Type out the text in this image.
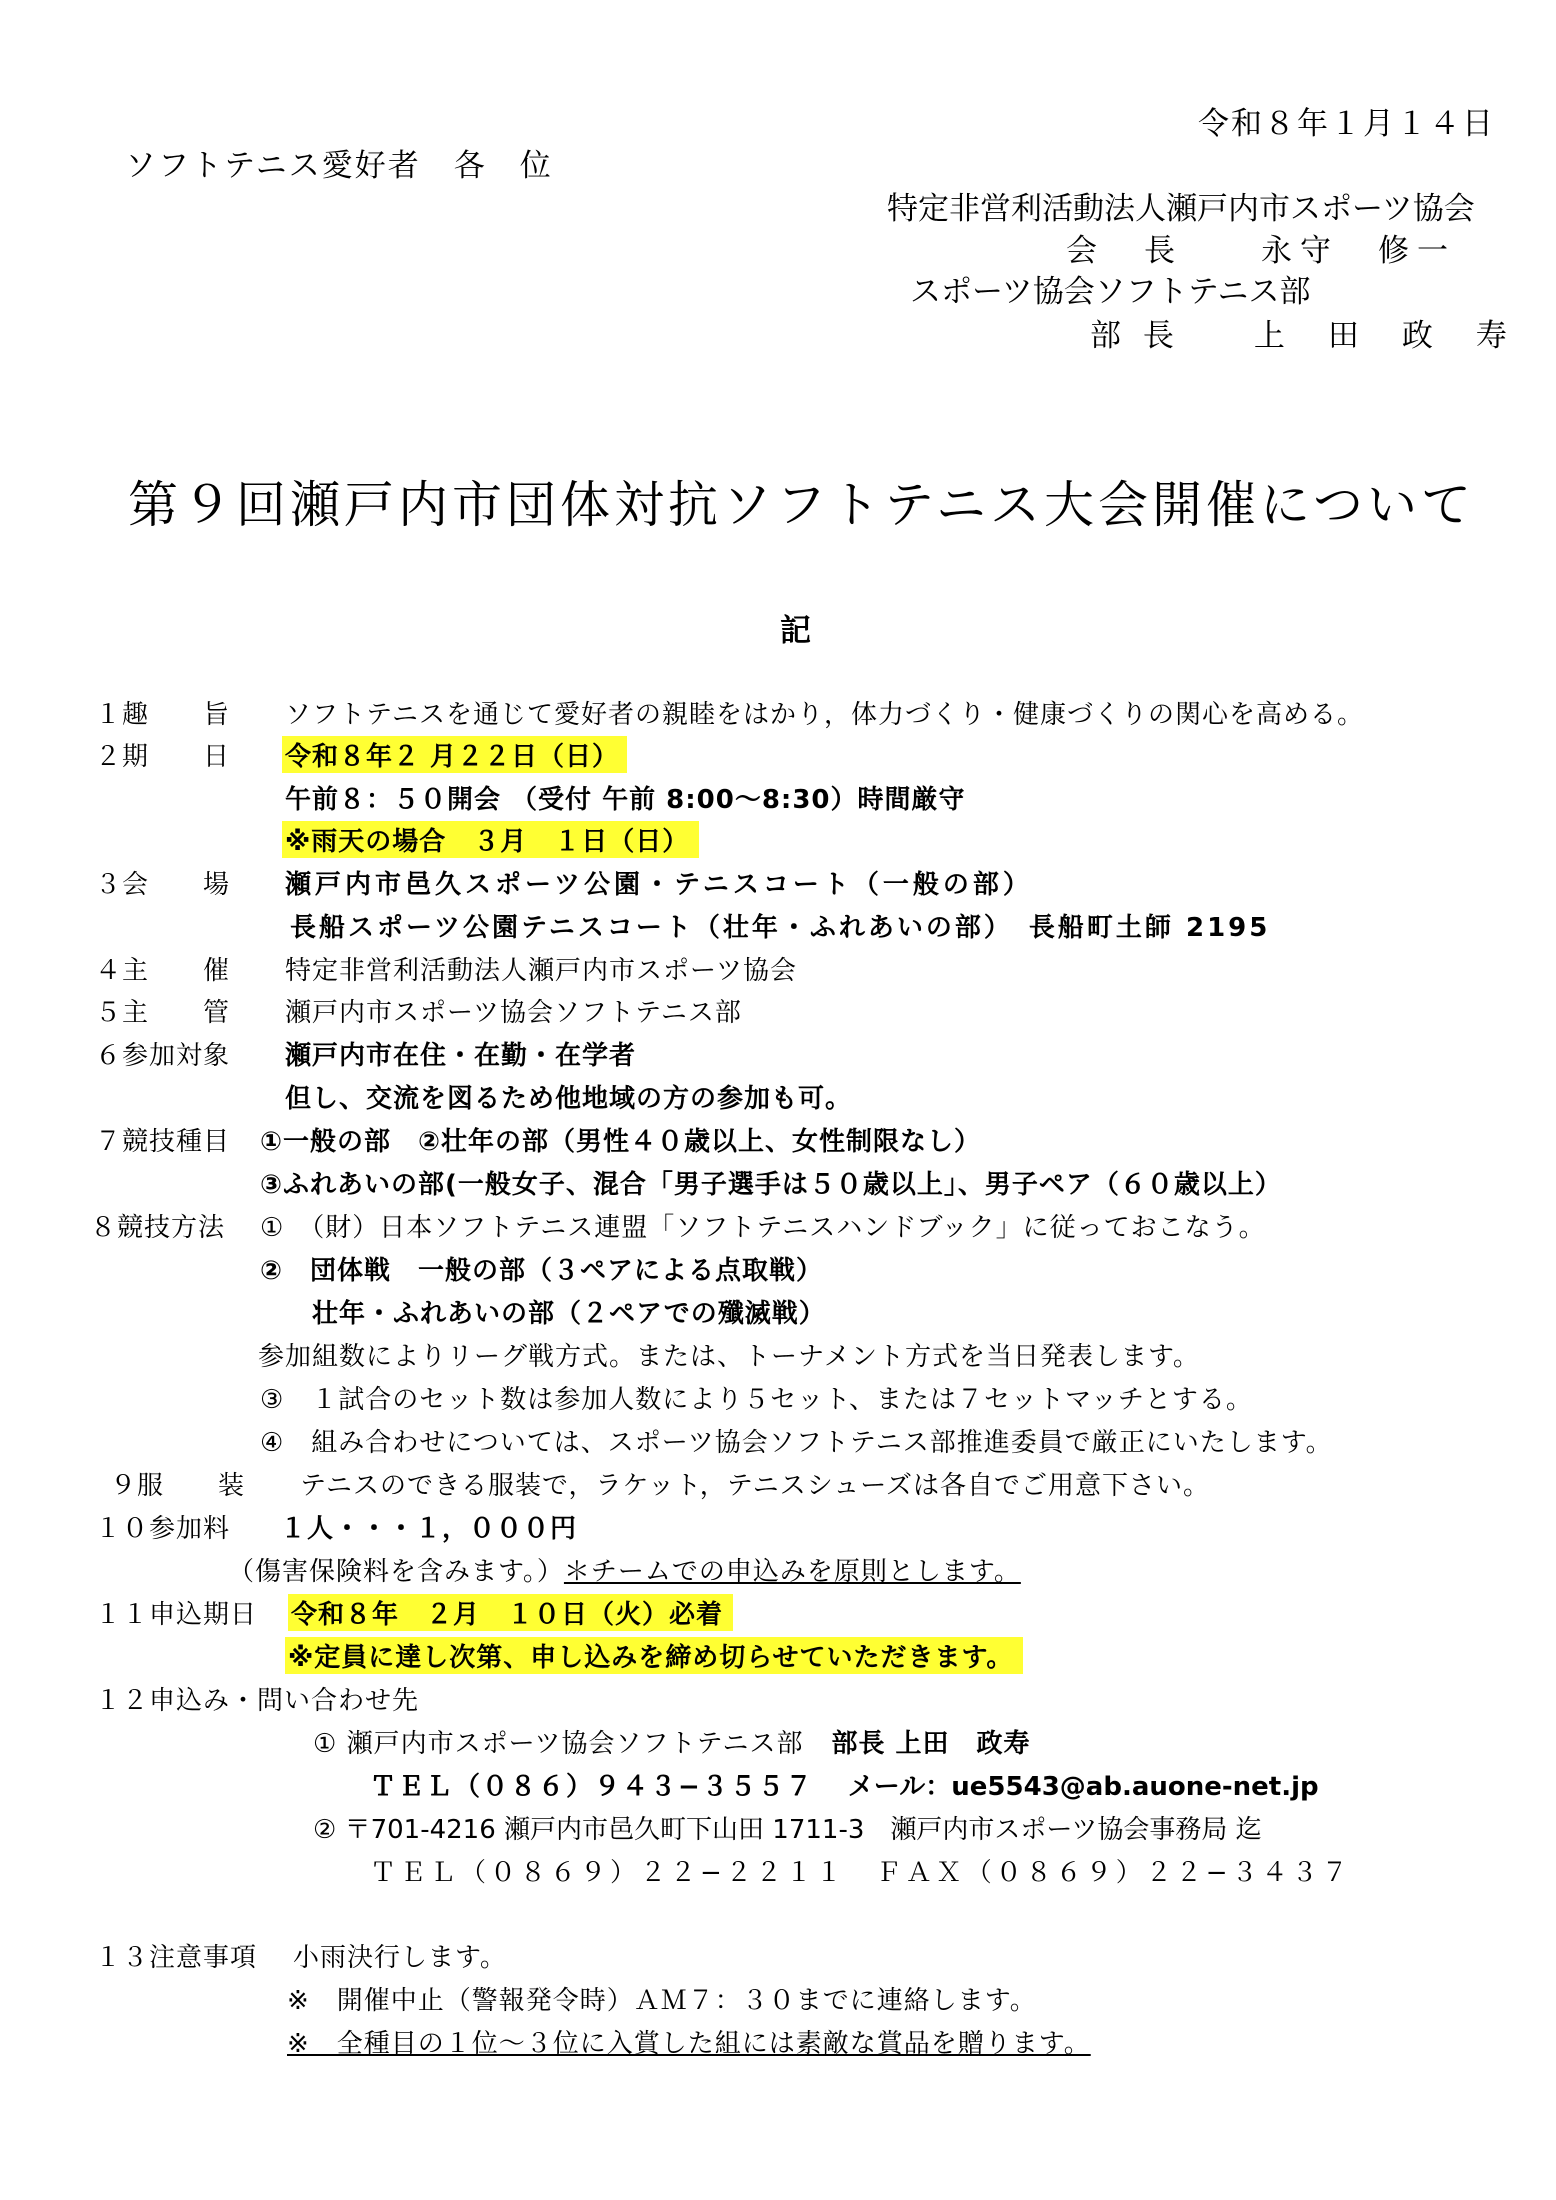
令和８年１月１４日
ソフトテニス愛好者　各　位
特定非営利活動法人瀬戸内市スポーツ協会
会　長　　永守　修一
スポーツ協会ソフトテニス部
部 長　　上　田　政　寿
第９回瀬戸内市団体対抗ソフトテニス大会開催について
記
１趣　　旨 ソフトテニスを通じて愛好者の親睦をはかり，体力づくり・健康づくりの関心を高める。
２期　　日 令和８年２ 月２２日（日）
午前８：５０開会 （受付 午前 8:00～8:30）時間厳守
※雨天の場合　３月　１日（日）
３会　　場 瀬戸内市邑久スポーツ公園・テニスコート（一般の部）
長船スポーツ公園テニスコート（壮年・ふれあいの部）　長船町土師 2195
４主　　催 特定非営利活動法人瀬戸内市スポーツ協会
５主　　管 瀬戸内市スポーツ協会ソフトテニス部
６参加対象 瀬戸内市在住・在勤・在学者
但し、交流を図るため他地域の方の参加も可。
７競技種目 ①一般の部　②壮年の部（男性４０歳以上、女性制限なし）
③ふれあいの部(一般女子、混合「男子選手は５０歳以上」、男子ペア（６０歳以上）
８競技方法 ①　（財）日本ソフトテニス連盟「ソフトテニスハンドブック」に従っておこなう。
②　団体戦　一般の部（３ペアによる点取戦）
壮年・ふれあいの部（２ペアでの殲滅戦）
参加組数によりリーグ戦方式。または、トーナメント方式を当日発表します。
③　１試合のセット数は参加人数により５セット、または７セットマッチとする。
④　組み合わせについては、スポーツ協会ソフトテニス部推進委員で厳正にいたします。
９服　　装 テニスのできる服装で，ラケット，テニスシューズは各自でご用意下さい。
１０参加料 １人・・・１，０００円
（傷害保険料を含みます。）＊チームでの申込みを原則とします。
１１申込期日 令和８年　２月　１０日（火）必着
※定員に達し次第、申し込みを締め切らせていただきます。
１２申込み・問い合わせ先
① 瀬戸内市スポーツ協会ソフトテニス部 部長 上田　政寿
ＴＥＬ（０８６）９４３−３５５７ メール：ue5543@ab.auone-net.jp
② 〒701-4216 瀬戸内市邑久町下山田 1711-3　瀬戸内市スポーツ協会事務局 迄
ＴＥＬ（０８６９）２２−２２１１　ＦＡＸ（０８６９）２２−３４３７
１３注意事項 小雨決行します。
※　開催中止（警報発令時）ＡＭ７：３０までに連絡します。
※　全種目の１位〜３位に入賞した組には素敵な賞品を贈ります。
